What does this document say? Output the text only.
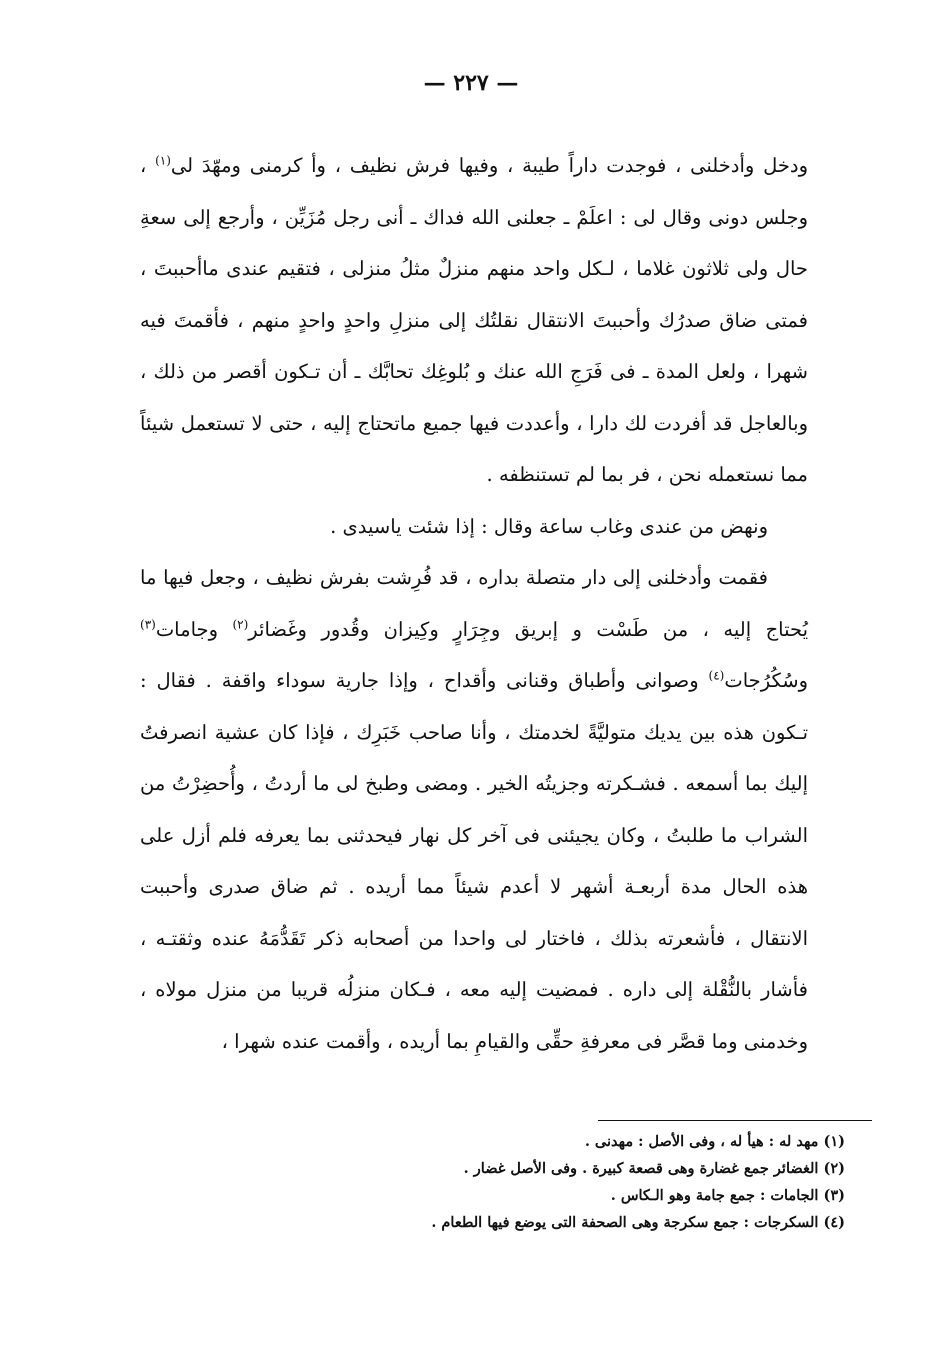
— ٢٢٧ —

ودخل وأدخلنى ، فوجدت داراً طيبة ، وفيها فرش نظيف ، وأ كرمنى ومهّدَ لى$^{(١)}$ ، وجلس دونى وقال لى : اعلَمْ ـ جعلنى الله فداك ـ أنى رجل مُزَيِّن ، وأرجع إلى سعةِ حال ولى ثلاثون غلاما ، لـكل واحد منهم منزلٌ مثلُ منزلى ، فتقيم عندى ماأحببتَ ، فمتى ضاق صدرُك وأحببتَ الانتقال نقلتُك إلى منزلِ واحدٍ واحدٍ منهم ، فأقمتَ فيه شهرا ، ولعل المدة ـ فى فَرَجِ الله عنك و بُلوغِك تحابَّك ـ أن تـكون أقصر من ذلك ، وبالعاجل قد أفردت لك دارا ، وأعددت فيها جميع ماتحتاج إليه ، حتى لا تستعمل شيئاً مما نستعمله نحن ، فر بما لم تستنظفه .

ونهض من عندى وغاب ساعة وقال : إذا شئت ياسيدى .

فقمت وأدخلنى إلى دار متصلة بداره ، قد فُرِشت بفرش نظيف ، وجعل فيها ما يُحتاج إليه ، من طَسْت و إبريق وجِرَارٍ وكِيزان وقُدور وغَضائر$^{(٢)}$ وجامات$^{(٣)}$ وسُكُرُجات$^{(٤)}$ وصوانى وأطباق وقنانى وأقداح ، وإذا جارية سوداء واقفة . فقال : تـكون هذه بين يديك متوليَّةً لخدمتك ، وأنا صاحب خَبَرِك ، فإذا كان عشية انصرفتُ إليك بما أسمعه . فشـكرته وجزيتُه الخير . ومضى وطبخ لى ما أردتُ ، وأُحضِرْتُ من الشراب ما طلبتُ ، وكان يجيئنى فى آخر كل نهار فيحدثنى بما يعرفه فلم أزل على هذه الحال مدة أربعـة أشهر لا أعدم شيئاً مما أريده . ثم ضاق صدرى وأحببت الانتقال ، فأشعرته بذلك ، فاختار لى واحدا من أصحابه ذكر تَقَدُّمَهُ عنده وثقتـه ، فأشار بالنُّقْلة إلى داره . فمضيت إليه معه ، فـكان منزلُه قريبا من منزل مولاه ، وخدمنى وما قصَّر فى معرفةِ حقِّى والقيامِ بما أريده ، وأقمت عنده شهرا ،

(١) مهد له : هيأ له ، وفى الأصل : مهدنى .

(٢) الغضائر جمع غضارة وهى قصعة كبيرة . وفى الأصل غضار .

(٣) الجامات : جمع جامة وهو الـكاس .

(٤) السكرجات : جمع سكرجة وهى الصحفة التى يوضع فيها الطعام .
